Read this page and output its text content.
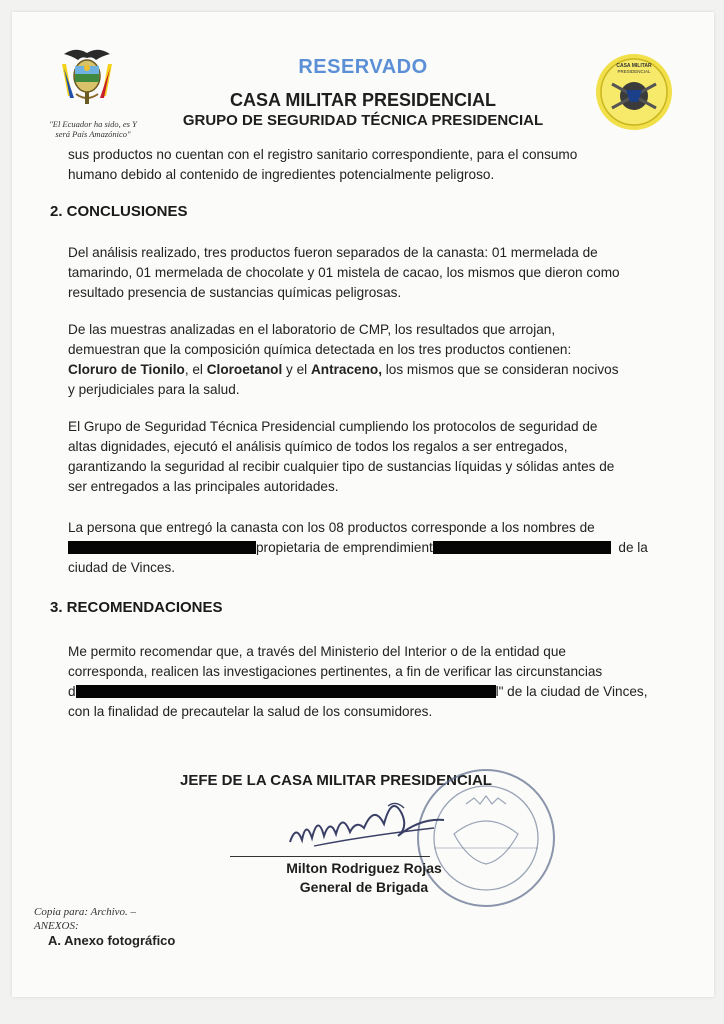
"El Ecuador ha sido, es Y
será País Amazónico"
CASA MILITAR
PRESIDENCIAL
RESERVADO
CASA MILITAR PRESIDENCIAL
GRUPO DE SEGURIDAD TÉCNICA PRESIDENCIAL
sus productos no cuentan con el registro sanitario correspondiente, para el consumo
humano debido al contenido de ingredientes potencialmente peligroso.
2. CONCLUSIONES
Del análisis realizado, tres productos fueron separados de la canasta: 01 mermelada de
tamarindo, 01 mermelada de chocolate y 01 mistela de cacao, los mismos que dieron como
resultado presencia de sustancias químicas peligrosas.
De las muestras analizadas en el laboratorio de CMP, los resultados que arrojan,
demuestran que la composición química detectada en los tres productos contienen:
Cloruro de Tionilo, el Cloroetanol y el Antraceno, los mismos que se consideran nocivos
y perjudiciales para la salud.
El Grupo de Seguridad Técnica Presidencial cumpliendo los protocolos de seguridad de
altas dignidades, ejecutó el análisis químico de todos los regalos a ser entregados,
garantizando la seguridad al recibir cualquier tipo de sustancias líquidas y sólidas antes de
ser entregados a las principales autoridades.
La persona que entregó la canasta con los 08 productos corresponde a los nombres de
propietaria de emprendimient	de la
ciudad de Vinces.
3. RECOMENDACIONES
Me permito recomendar que, a través del Ministerio del Interior o de la entidad que
corresponda, realicen las investigaciones pertinentes, a fin de verificar las circunstancias
d	l" de la ciudad de Vinces,
con la finalidad de precautelar la salud de los consumidores.
JEFE DE LA CASA MILITAR PRESIDENCIAL
Milton Rodriguez Rojas
General de Brigada
Copia para: Archivo. –
ANEXOS:
A. Anexo fotográfico
